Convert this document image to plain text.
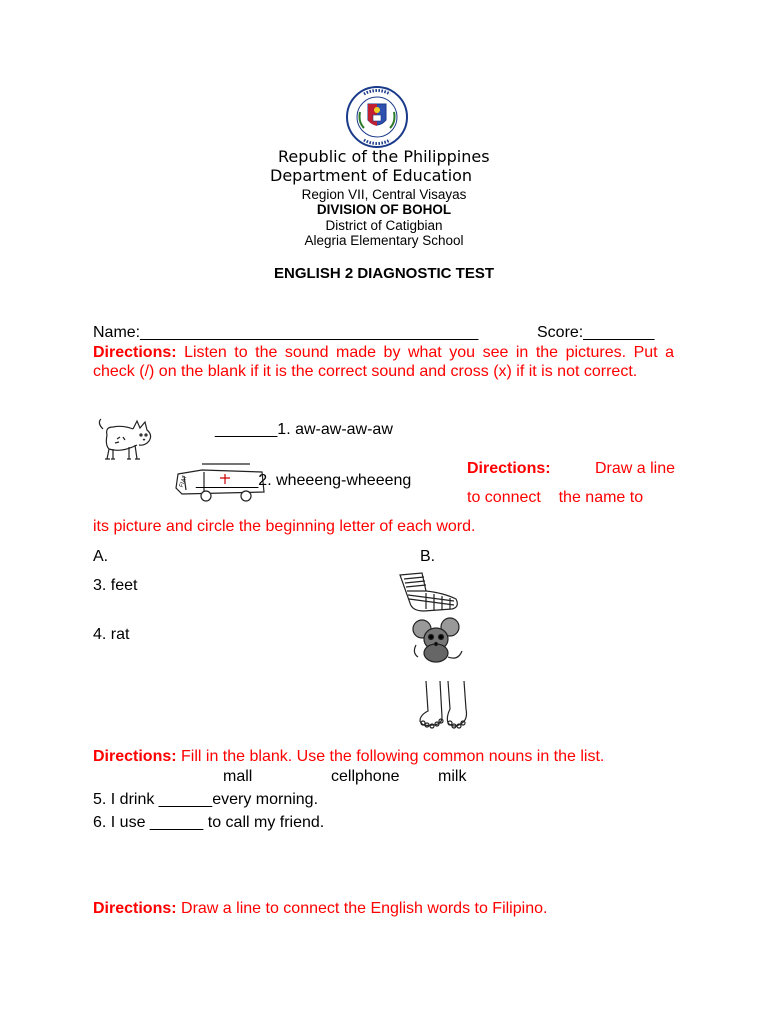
Republic of the Philippines
Department of Education
Region VII, Central Visayas
DIVISION OF BOHOL
District of Catigbian
Alegria Elementary School
ENGLISH 2 DIAGNOSTIC TEST
Name:______________________________________	Score:________
Directions: Listen to the sound made by what you see in the pictures. Put a check (/) on the blank if it is the correct sound and cross (x) if it is not correct.
_______1. aw-aw-aw-aw
FIAT _______2. wheeeng-wheeeng
Directions:	Draw a line
to connect    the name to
its picture and circle the beginning letter of each word.
A.	B.
3. feet
4. rat
Directions: Fill in the blank. Use the following common nouns in the list.
mall	cellphone milk
5. I drink ______every morning.
6. I use ______ to call my friend.
Directions: Draw a line to connect the English words to Filipino.
